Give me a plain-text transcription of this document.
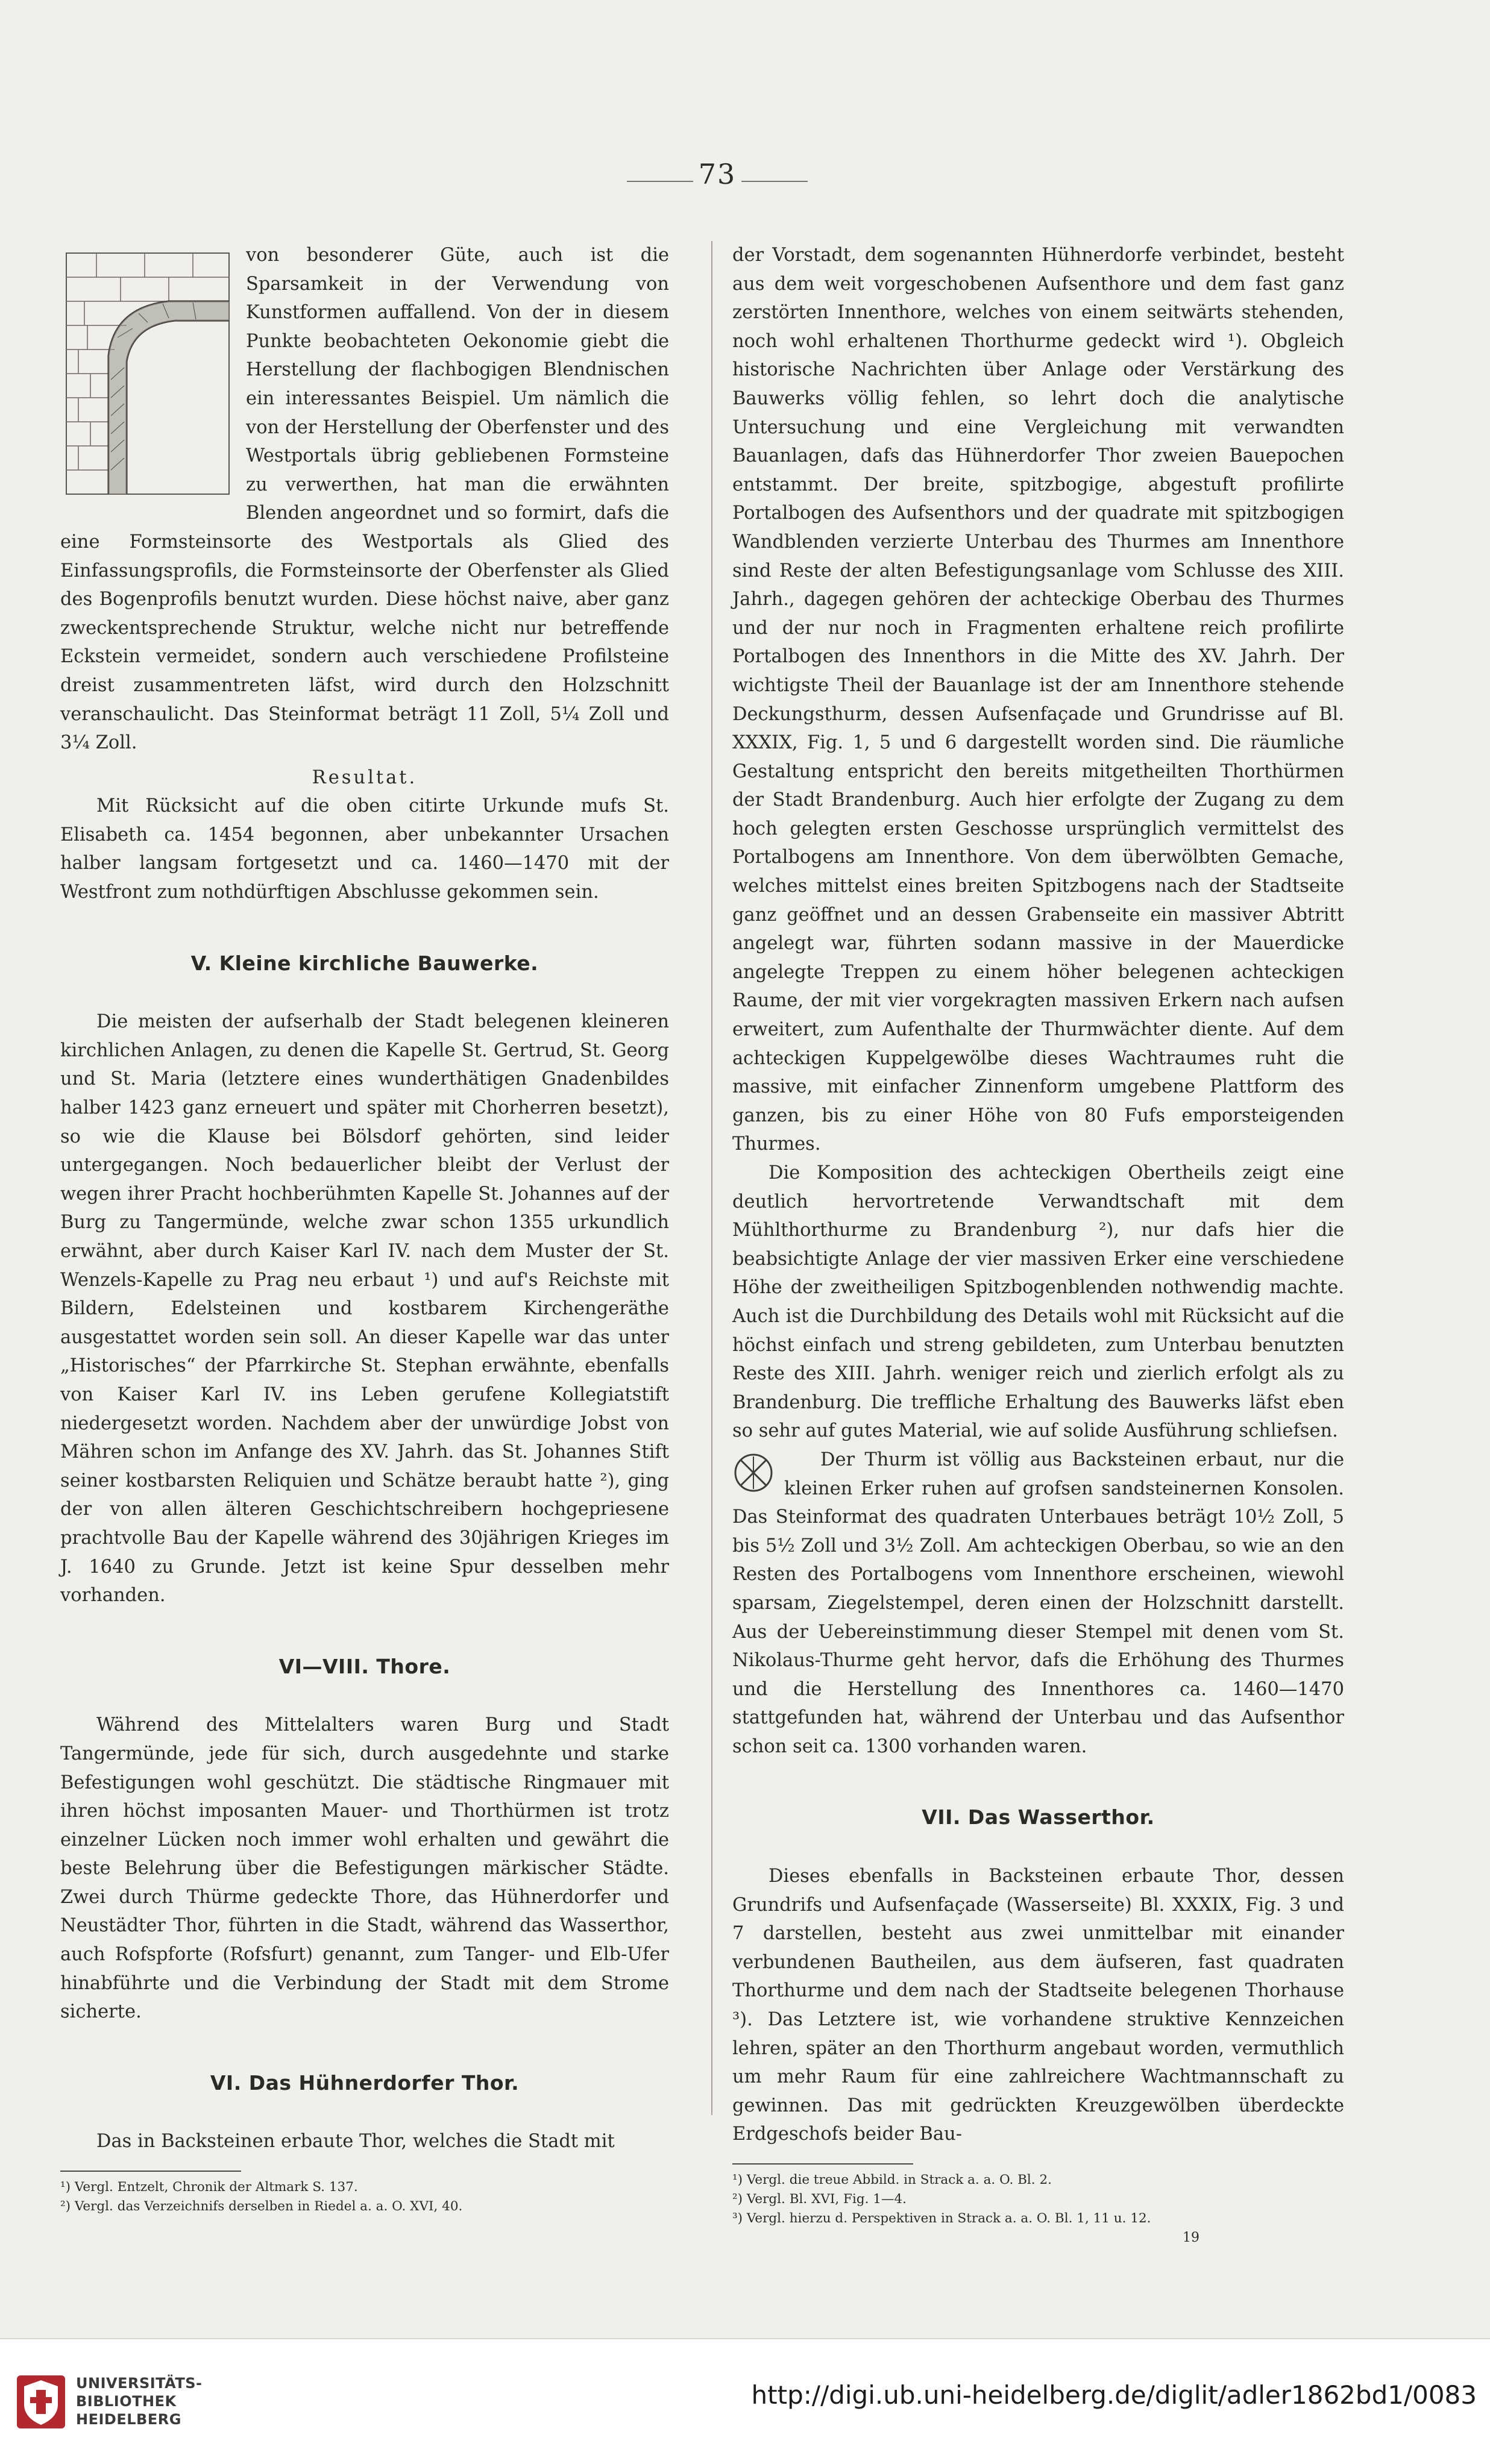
73

von besonderer Güte, auch ist die Sparsamkeit in der Verwendung von Kunstformen auffallend. Von der in diesem Punkte beobachteten Oekonomie giebt die Herstellung der flachbogigen Blendnischen ein interessantes Beispiel. Um nämlich die von der Herstellung der Oberfenster und des Westportals übrig gebliebenen Formsteine zu verwerthen, hat man die erwähnten Blenden angeordnet und so formirt, dafs die eine Formsteinsorte des Westportals als Glied des Einfassungsprofils, die Formsteinsorte der Oberfenster als Glied des Bogenprofils benutzt wurden. Diese höchst naive, aber ganz zweckentsprechende Struktur, welche nicht nur betreffende Eckstein vermeidet, sondern auch verschiedene Profilsteine dreist zusammentreten läfst, wird durch den Holzschnitt veranschaulicht. Das Steinformat beträgt 11 Zoll, 5¼ Zoll und 3¼ Zoll.

Resultat.

Mit Rücksicht auf die oben citirte Urkunde mufs St. Elisabeth ca. 1454 begonnen, aber unbekannter Ursachen halber langsam fortgesetzt und ca. 1460—1470 mit der Westfront zum nothdürftigen Abschlusse gekommen sein.

V. Kleine kirchliche Bauwerke.

Die meisten der aufserhalb der Stadt belegenen kleineren kirchlichen Anlagen, zu denen die Kapelle St. Gertrud, St. Georg und St. Maria (letztere eines wunderthätigen Gnadenbildes halber 1423 ganz erneuert und später mit Chorherren besetzt), so wie die Klause bei Bölsdorf gehörten, sind leider untergegangen. Noch bedauerlicher bleibt der Verlust der wegen ihrer Pracht hochberühmten Kapelle St. Johannes auf der Burg zu Tangermünde, welche zwar schon 1355 urkundlich erwähnt, aber durch Kaiser Karl IV. nach dem Muster der St. Wenzels-Kapelle zu Prag neu erbaut ¹) und auf's Reichste mit Bildern, Edelsteinen und kostbarem Kirchengeräthe ausgestattet worden sein soll. An dieser Kapelle war das unter „Historisches“ der Pfarrkirche St. Stephan erwähnte, ebenfalls von Kaiser Karl IV. ins Leben gerufene Kollegiatstift niedergesetzt worden. Nachdem aber der unwürdige Jobst von Mähren schon im Anfange des XV. Jahrh. das St. Johannes Stift seiner kostbarsten Reliquien und Schätze beraubt hatte ²), ging der von allen älteren Geschichtschreibern hochgepriesene prachtvolle Bau der Kapelle während des 30jährigen Krieges im J. 1640 zu Grunde. Jetzt ist keine Spur desselben mehr vorhanden.

VI—VIII. Thore.

Während des Mittelalters waren Burg und Stadt Tangermünde, jede für sich, durch ausgedehnte und starke Befestigungen wohl geschützt. Die städtische Ringmauer mit ihren höchst imposanten Mauer- und Thorthürmen ist trotz einzelner Lücken noch immer wohl erhalten und gewährt die beste Belehrung über die Befestigungen märkischer Städte. Zwei durch Thürme gedeckte Thore, das Hühnerdorfer und Neustädter Thor, führten in die Stadt, während das Wasserthor, auch Rofspforte (Rofsfurt) genannt, zum Tanger- und Elb-Ufer hinabführte und die Verbindung der Stadt mit dem Strome sicherte.

VI. Das Hühnerdorfer Thor.

Das in Backsteinen erbaute Thor, welches die Stadt mit

¹) Vergl. Entzelt, Chronik der Altmark S. 137.
²) Vergl. das Verzeichnifs derselben in Riedel a. a. O. XVI, 40.

der Vorstadt, dem sogenannten Hühnerdorfe verbindet, besteht aus dem weit vorgeschobenen Aufsenthore und dem fast ganz zerstörten Innenthore, welches von einem seitwärts stehenden, noch wohl erhaltenen Thorthurme gedeckt wird ¹). Obgleich historische Nachrichten über Anlage oder Verstärkung des Bauwerks völlig fehlen, so lehrt doch die analytische Untersuchung und eine Vergleichung mit verwandten Bauanlagen, dafs das Hühnerdorfer Thor zweien Bauepochen entstammt. Der breite, spitzbogige, abgestuft profilirte Portalbogen des Aufsenthors und der quadrate mit spitzbogigen Wandblenden verzierte Unterbau des Thurmes am Innenthore sind Reste der alten Befestigungsanlage vom Schlusse des XIII. Jahrh., dagegen gehören der achteckige Oberbau des Thurmes und der nur noch in Fragmenten erhaltene reich profilirte Portalbogen des Innenthors in die Mitte des XV. Jahrh. Der wichtigste Theil der Bauanlage ist der am Innenthore stehende Deckungsthurm, dessen Aufsenfaçade und Grundrisse auf Bl. XXXIX, Fig. 1, 5 und 6 dargestellt worden sind. Die räumliche Gestaltung entspricht den bereits mitgetheilten Thorthürmen der Stadt Brandenburg. Auch hier erfolgte der Zugang zu dem hoch gelegten ersten Geschosse ursprünglich vermittelst des Portalbogens am Innenthore. Von dem überwölbten Gemache, welches mittelst eines breiten Spitzbogens nach der Stadtseite ganz geöffnet und an dessen Grabenseite ein massiver Abtritt angelegt war, führten sodann massive in der Mauerdicke angelegte Treppen zu einem höher belegenen achteckigen Raume, der mit vier vorgekragten massiven Erkern nach aufsen erweitert, zum Aufenthalte der Thurmwächter diente. Auf dem achteckigen Kuppelgewölbe dieses Wachtraumes ruht die massive, mit einfacher Zinnenform umgebene Plattform des ganzen, bis zu einer Höhe von 80 Fufs emporsteigenden Thurmes.

Die Komposition des achteckigen Obertheils zeigt eine deutlich hervortretende Verwandtschaft mit dem Mühlthorthurme zu Brandenburg ²), nur dafs hier die beabsichtigte Anlage der vier massiven Erker eine verschiedene Höhe der zweitheiligen Spitzbogenblenden nothwendig machte. Auch ist die Durchbildung des Details wohl mit Rücksicht auf die höchst einfach und streng gebildeten, zum Unterbau benutzten Reste des XIII. Jahrh. weniger reich und zierlich erfolgt als zu Brandenburg. Die treffliche Erhaltung des Bauwerks läfst eben so sehr auf gutes Material, wie auf solide Ausführung schliefsen.

Der Thurm ist völlig aus Backsteinen erbaut, nur die kleinen Erker ruhen auf grofsen sandsteinernen Konsolen. Das Steinformat des quadraten Unterbaues beträgt 10½ Zoll, 5 bis 5½ Zoll und 3½ Zoll. Am achteckigen Oberbau, so wie an den Resten des Portalbogens vom Innenthore erscheinen, wiewohl sparsam, Ziegelstempel, deren einen der Holzschnitt darstellt. Aus der Uebereinstimmung dieser Stempel mit denen vom St. Nikolaus-Thurme geht hervor, dafs die Erhöhung des Thurmes und die Herstellung des Innenthores ca. 1460—1470 stattgefunden hat, während der Unterbau und das Aufsenthor schon seit ca. 1300 vorhanden waren.

VII. Das Wasserthor.

Dieses ebenfalls in Backsteinen erbaute Thor, dessen Grundrifs und Aufsenfaçade (Wasserseite) Bl. XXXIX, Fig. 3 und 7 darstellen, besteht aus zwei unmittelbar mit einander verbundenen Bautheilen, aus dem äufseren, fast quadraten Thorthurme und dem nach der Stadtseite belegenen Thorhause ³). Das Letztere ist, wie vorhandene struktive Kennzeichen lehren, später an den Thorthurm angebaut worden, vermuthlich um mehr Raum für eine zahlreichere Wachtmannschaft zu gewinnen. Das mit gedrückten Kreuzgewölben überdeckte Erdgeschofs beider Bau-

¹) Vergl. die treue Abbild. in Strack a. a. O. Bl. 2.
²) Vergl. Bl. XVI, Fig. 1—4.
³) Vergl. hierzu d. Perspektiven in Strack a. a. O. Bl. 1, 11 u. 12.
19
UNIVERSITÄTS-
BIBLIOTHEK
HEIDELBERG
http://digi.ub.uni-heidelberg.de/diglit/adler1862bd1/0083
